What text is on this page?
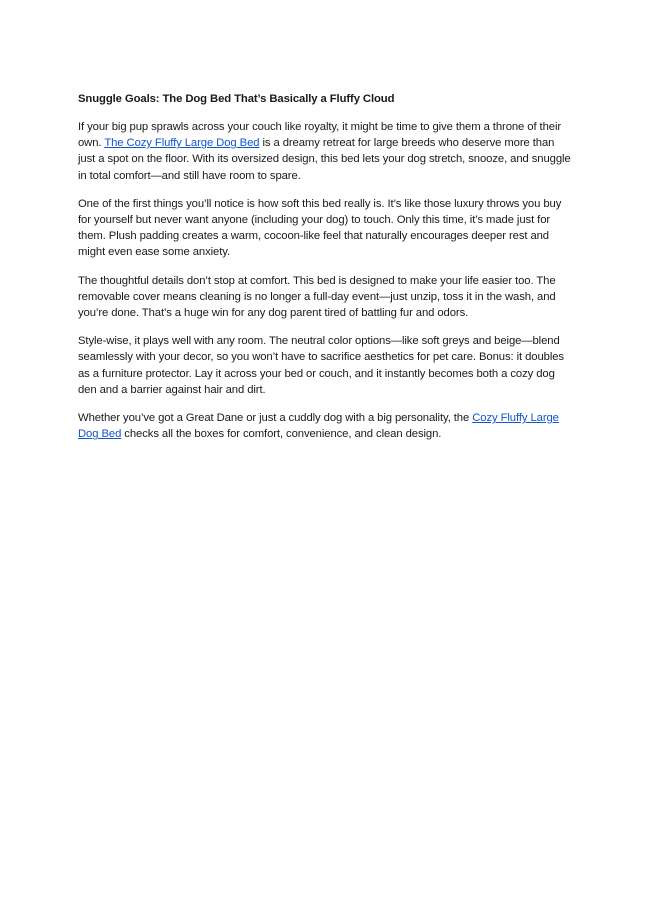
Snuggle Goals: The Dog Bed That’s Basically a Fluffy Cloud

If your big pup sprawls across your couch like royalty, it might be time to give them a throne of their own. The Cozy Fluffy Large Dog Bed is a dreamy retreat for large breeds who deserve more than just a spot on the floor. With its oversized design, this bed lets your dog stretch, snooze, and snuggle in total comfort—and still have room to spare.

One of the first things you’ll notice is how soft this bed really is. It’s like those luxury throws you buy for yourself but never want anyone (including your dog) to touch. Only this time, it’s made just for them. Plush padding creates a warm, cocoon-like feel that naturally encourages deeper rest and might even ease some anxiety.

The thoughtful details don’t stop at comfort. This bed is designed to make your life easier too. The removable cover means cleaning is no longer a full-day event—just unzip, toss it in the wash, and you’re done. That’s a huge win for any dog parent tired of battling fur and odors.

Style-wise, it plays well with any room. The neutral color options—like soft greys and beige—blend seamlessly with your decor, so you won’t have to sacrifice aesthetics for pet care. Bonus: it doubles as a furniture protector. Lay it across your bed or couch, and it instantly becomes both a cozy dog den and a barrier against hair and dirt.

Whether you’ve got a Great Dane or just a cuddly dog with a big personality, the Cozy Fluffy Large Dog Bed checks all the boxes for comfort, convenience, and clean design.
